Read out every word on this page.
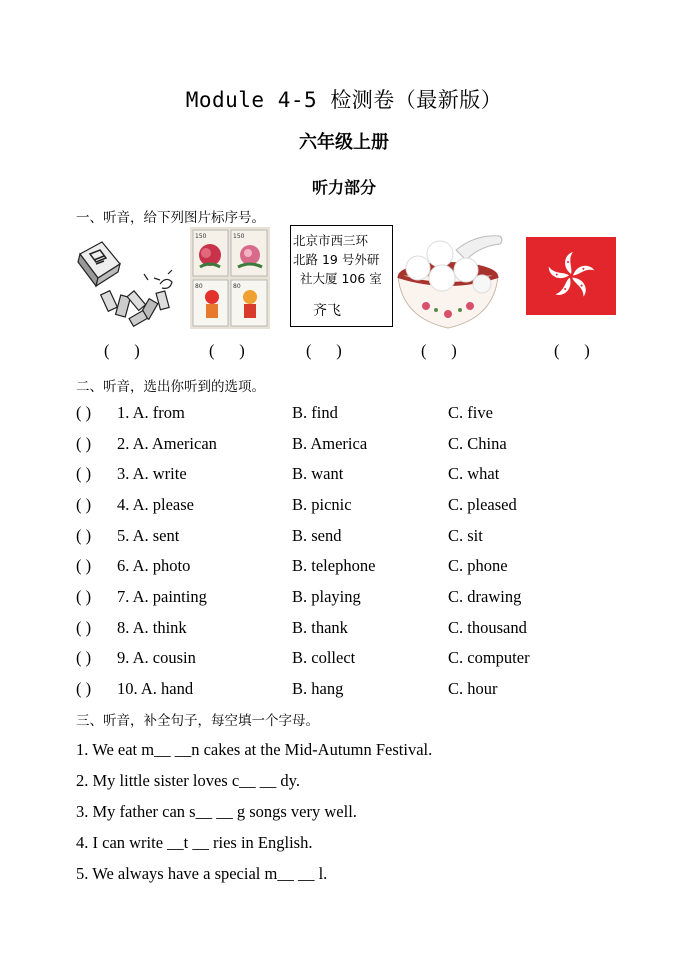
Module 4-5 检测卷（最新版）
六年级上册
听力部分
一、听音，给下列图片标序号。
150	150
80	80
北京市西三环
北路 19 号外研
社大厦 106 室
齐飞
(      )	(      )	(      )	(      )	(      )
二、听音，选出你听到的选项。
( ) 1. A. from	B. find	C. five
( ) 2. A. American	B. America	C. China
( ) 3. A. write	B. want	C. what
( ) 4. A. please	B. picnic	C. pleased
( ) 5. A. sent	B. send	C. sit
( ) 6. A. photo	B. telephone	C. phone
( ) 7. A. painting	B. playing	C. drawing
( ) 8. A. think	B. thank	C. thousand
( ) 9. A. cousin	B. collect	C. computer
( ) 10. A. hand	B. hang	C. hour
三、听音，补全句子，每空填一个字母。
1. We eat m__ __n cakes at the Mid-Autumn Festival.
2. My little sister loves c__ __ dy.
3. My father can s__ __ g songs very well.
4. I can write __t __ ries in English.
5. We always have a special m__ __ l.
